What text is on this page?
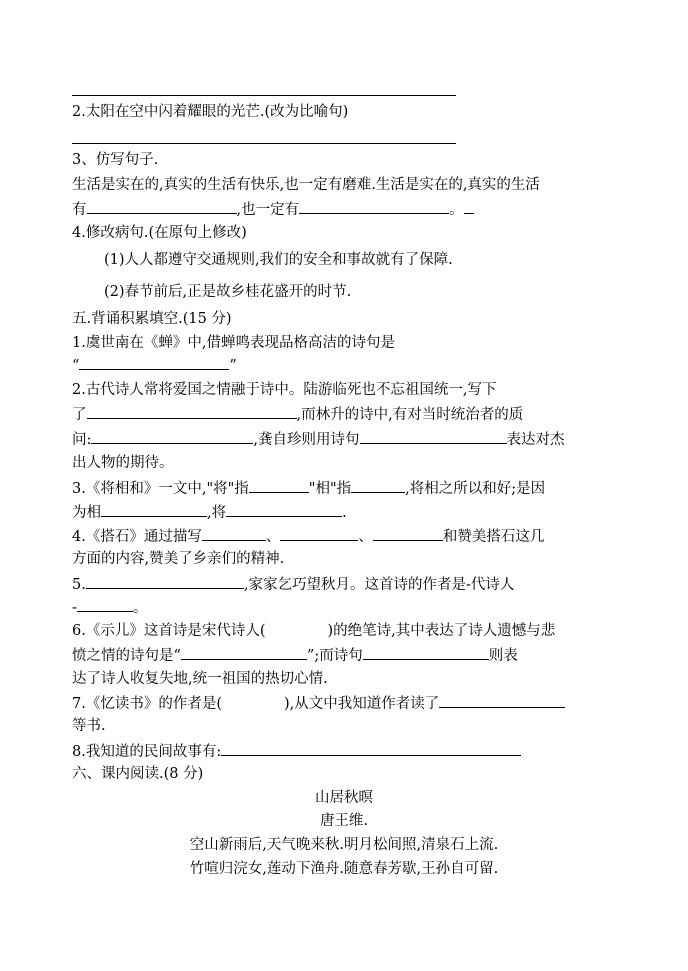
2.太阳在空中闪着耀眼的光芒.(改为比喻句)
3、仿写句子.
生活是实在的,真实的生活有快乐,也一定有磨难.生活是实在的,真实的生活
有	,也一定有	。
4.修改病句.(在原句上修改)
(1)人人都遵守交通规则,我们的安全和事故就有了保障.
(2)春节前后,正是故乡桂花盛开的时节.
五.背诵积累填空.(15 分)
1.虞世南在《蝉》中,借蝉鸣表现品格高洁的诗句是
“	”
2.古代诗人常将爱国之情融于诗中。陆游临死也不忘祖国统一,写下
了	,而林升的诗中,有对当时统治者的质
问:	,龚自珍则用诗句	表达对杰
出人物的期待。
3.《将相和》一文中,"将"指	"相"指	,将相之所以和好;是因
为相	,将	.
4.《搭石》通过描写	、	、	和赞美搭石这几
方面的内容,赞美了乡亲们的精神.
5.	,家家乞巧望秋月。这首诗的作者是-代诗人
-	。
6.《示儿》这首诗是宋代诗人(	)的绝笔诗,其中表达了诗人遗憾与悲
愤之情的诗句是“	”;而诗句	则表
达了诗人收复失地,统一祖国的热切心情.
7.《忆读书》的作者是(	),从文中我知道作者读了
等书.
8.我知道的民间故事有:
六、课内阅读.(8 分)
山居秋暝
唐王维.
空山新雨后,天气晚来秋.明月松间照,清泉石上流.
竹喧归浣女,莲动下渔舟.随意春芳歇,王孙自可留.
